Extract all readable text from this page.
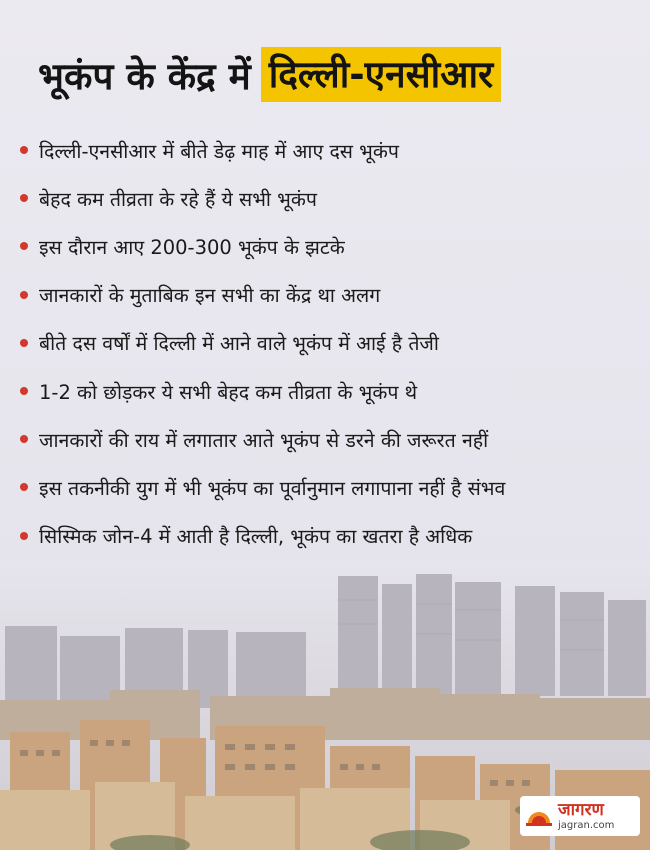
भूकंप के केंद्र में दिल्ली-एनसीआर
दिल्ली-एनसीआर में बीते डेढ़ माह में आए दस भूकंप
बेहद कम तीव्रता के रहे हैं ये सभी भूकंप
इस दौरान आए 200-300 भूकंप के झटके
जानकारों के मुताबिक इन सभी का केंद्र था अलग
बीते दस वर्षों में दिल्ली में आने वाले भूकंप में आई है तेजी
1-2 को छोड़कर ये सभी बेहद कम तीव्रता के भूकंप थे
जानकारों की राय में लगातार आते भूकंप से डरने की जरूरत नहीं
इस तकनीकी युग में भी भूकंप का पूर्वानुमान लगापाना नहीं है संभव
सिस्मिक जोन-4 में आती है दिल्ली, भूकंप का खतरा है अधिक
जागरण
jagran.com
